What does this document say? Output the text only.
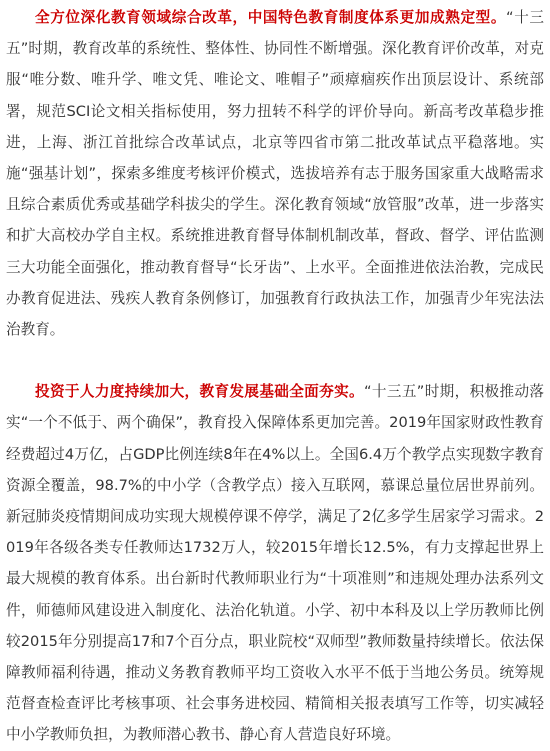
全方位深化教育领域综合改革，中国特色教育制度体系更加成熟定型。“十三五”时期，教育改革的系统性、整体性、协同性不断增强。深化教育评价改革，对克服“唯分数、唯升学、唯文凭、唯论文、唯帽子”顽瘴痼疾作出顶层设计、系统部署，规范SCI论文相关指标使用，努力扭转不科学的评价导向。新高考改革稳步推进，上海、浙江首批综合改革试点，北京等四省市第二批改革试点平稳落地。实施“强基计划”，探索多维度考核评价模式，选拔培养有志于服务国家重大战略需求且综合素质优秀或基础学科拔尖的学生。深化教育领域“放管服”改革，进一步落实和扩大高校办学自主权。系统推进教育督导体制机制改革，督政、督学、评估监测三大功能全面强化，推动教育督导“长牙齿”、上水平。全面推进依法治教，完成民办教育促进法、残疾人教育条例修订，加强教育行政执法工作，加强青少年宪法法治教育。

投资于人力度持续加大，教育发展基础全面夯实。“十三五”时期，积极推动落实“一个不低于、两个确保”，教育投入保障体系更加完善。2019年国家财政性教育经费超过4万亿，占GDP比例连续8年在4%以上。全国6.4万个教学点实现数字教育资源全覆盖，98.7%的中小学（含教学点）接入互联网，慕课总量位居世界前列。新冠肺炎疫情期间成功实现大规模停课不停学，满足了2亿多学生居家学习需求。2019年各级各类专任教师达1732万人，较2015年增长12.5%，有力支撑起世界上最大规模的教育体系。出台新时代教师职业行为“十项准则”和违规处理办法系列文件，师德师风建设进入制度化、法治化轨道。小学、初中本科及以上学历教师比例较2015年分别提高17和7个百分点，职业院校“双师型”教师数量持续增长。依法保障教师福利待遇，推动义务教育教师平均工资收入水平不低于当地公务员。统筹规范督查检查评比考核事项、社会事务进校园、精简相关报表填写工作等，切实减轻中小学教师负担，为教师潜心教书、静心育人营造良好环境。
